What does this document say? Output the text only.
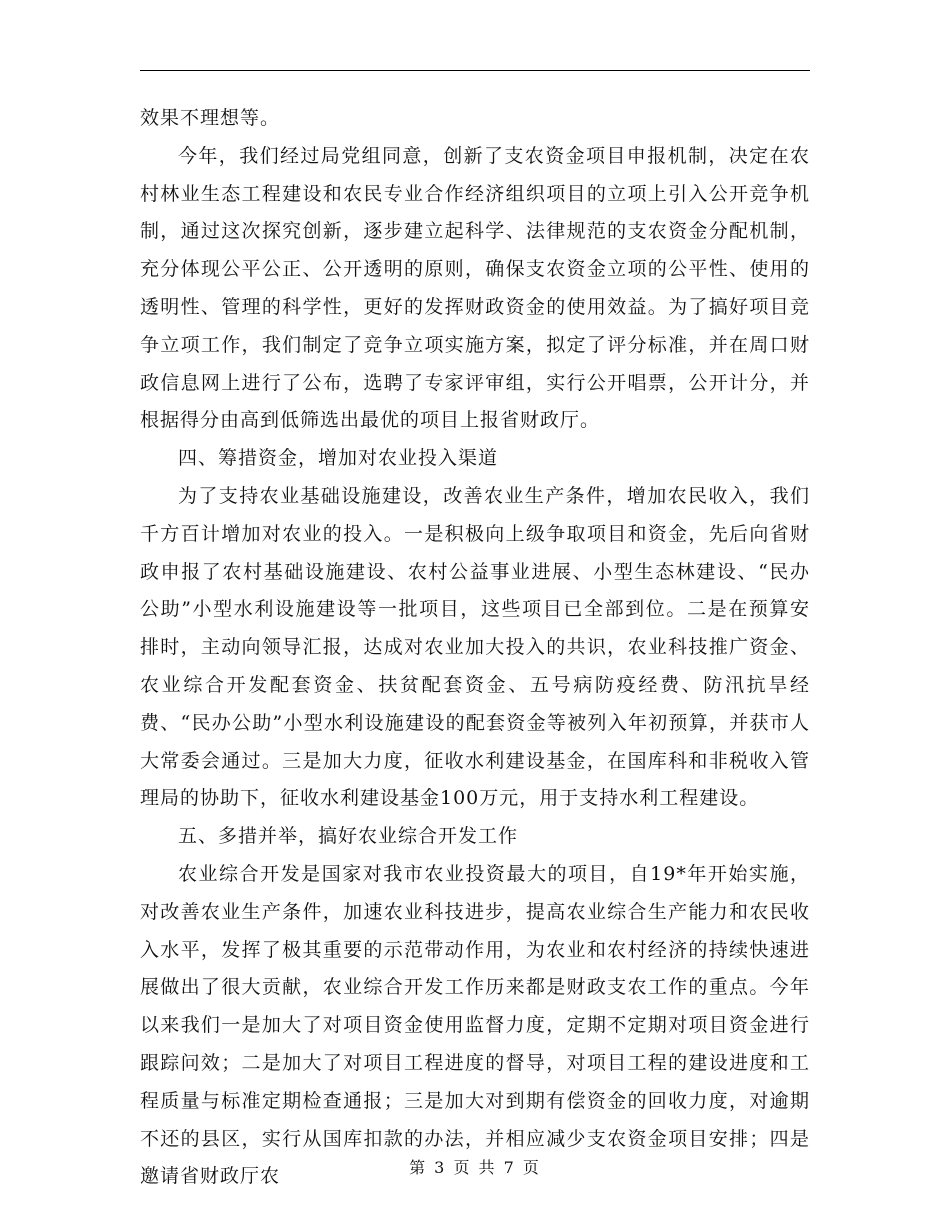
效果不理想等。

今年，我们经过局党组同意，创新了支农资金项目申报机制，决定在农村林业生态工程建设和农民专业合作经济组织项目的立项上引入公开竞争机制，通过这次探究创新，逐步建立起科学、法律规范的支农资金分配机制，充分体现公平公正、公开透明的原则，确保支农资金立项的公平性、使用的透明性、管理的科学性，更好的发挥财政资金的使用效益。为了搞好项目竞争立项工作，我们制定了竞争立项实施方案，拟定了评分标准，并在周口财政信息网上进行了公布，选聘了专家评审组，实行公开唱票，公开计分，并根据得分由高到低筛选出最优的项目上报省财政厅。

四、筹措资金，增加对农业投入渠道

为了支持农业基础设施建设，改善农业生产条件，增加农民收入，我们千方百计增加对农业的投入。一是积极向上级争取项目和资金，先后向省财政申报了农村基础设施建设、农村公益事业进展、小型生态林建设、“民办公助”小型水利设施建设等一批项目，这些项目已全部到位。二是在预算安排时，主动向领导汇报，达成对农业加大投入的共识，农业科技推广资金、农业综合开发配套资金、扶贫配套资金、五号病防疫经费、防汛抗旱经费、“民办公助”小型水利设施建设的配套资金等被列入年初预算，并获市人大常委会通过。三是加大力度，征收水利建设基金，在国库科和非税收入管理局的协助下，征收水利建设基金100万元，用于支持水利工程建设。

五、多措并举，搞好农业综合开发工作

农业综合开发是国家对我市农业投资最大的项目，自19*年开始实施，对改善农业生产条件，加速农业科技进步，提高农业综合生产能力和农民收入水平，发挥了极其重要的示范带动作用，为农业和农村经济的持续快速进展做出了很大贡献，农业综合开发工作历来都是财政支农工作的重点。今年以来我们一是加大了对项目资金使用监督力度，定期不定期对项目资金进行跟踪问效；二是加大了对项目工程进度的督导，对项目工程的建设进度和工程质量与标准定期检查通报；三是加大对到期有偿资金的回收力度，对逾期不还的县区，实行从国库扣款的办法，并相应减少支农资金项目安排；四是邀请省财政厅农	第 3 页 共 7 页
